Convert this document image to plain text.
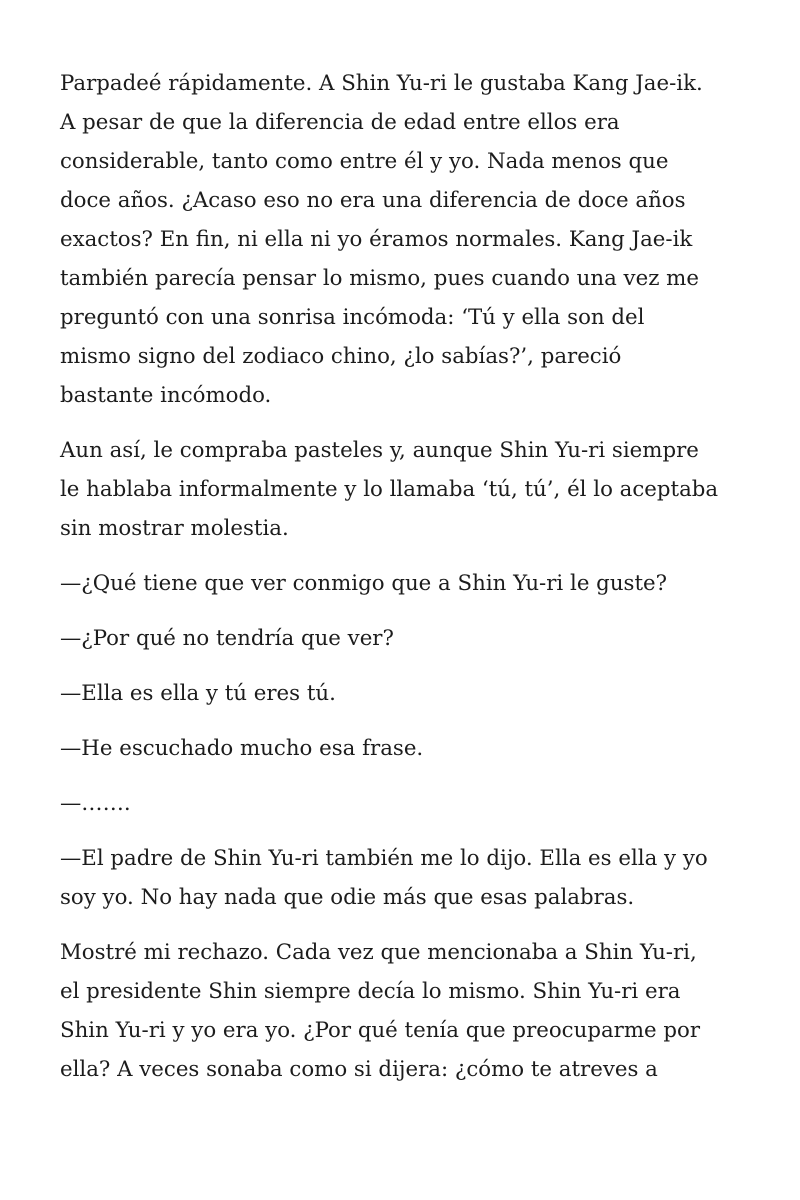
Parpadeé rápidamente. A Shin Yu-ri le gustaba Kang Jae-ik.
A pesar de que la diferencia de edad entre ellos era
considerable, tanto como entre él y yo. Nada menos que
doce años. ¿Acaso eso no era una diferencia de doce años
exactos? En fin, ni ella ni yo éramos normales. Kang Jae-ik
también parecía pensar lo mismo, pues cuando una vez me
preguntó con una sonrisa incómoda: ‘Tú y ella son del
mismo signo del zodiaco chino, ¿lo sabías?’, pareció
bastante incómodo.

Aun así, le compraba pasteles y, aunque Shin Yu-ri siempre
le hablaba informalmente y lo llamaba ‘tú, tú’, él lo aceptaba
sin mostrar molestia.

—¿Qué tiene que ver conmigo que a Shin Yu-ri le guste?

—¿Por qué no tendría que ver?

—Ella es ella y tú eres tú.

—He escuchado mucho esa frase.

—…….

—El padre de Shin Yu-ri también me lo dijo. Ella es ella y yo
soy yo. No hay nada que odie más que esas palabras.

Mostré mi rechazo. Cada vez que mencionaba a Shin Yu-ri,
el presidente Shin siempre decía lo mismo. Shin Yu-ri era
Shin Yu-ri y yo era yo. ¿Por qué tenía que preocuparme por
ella? A veces sonaba como si dijera: ¿cómo te atreves a
